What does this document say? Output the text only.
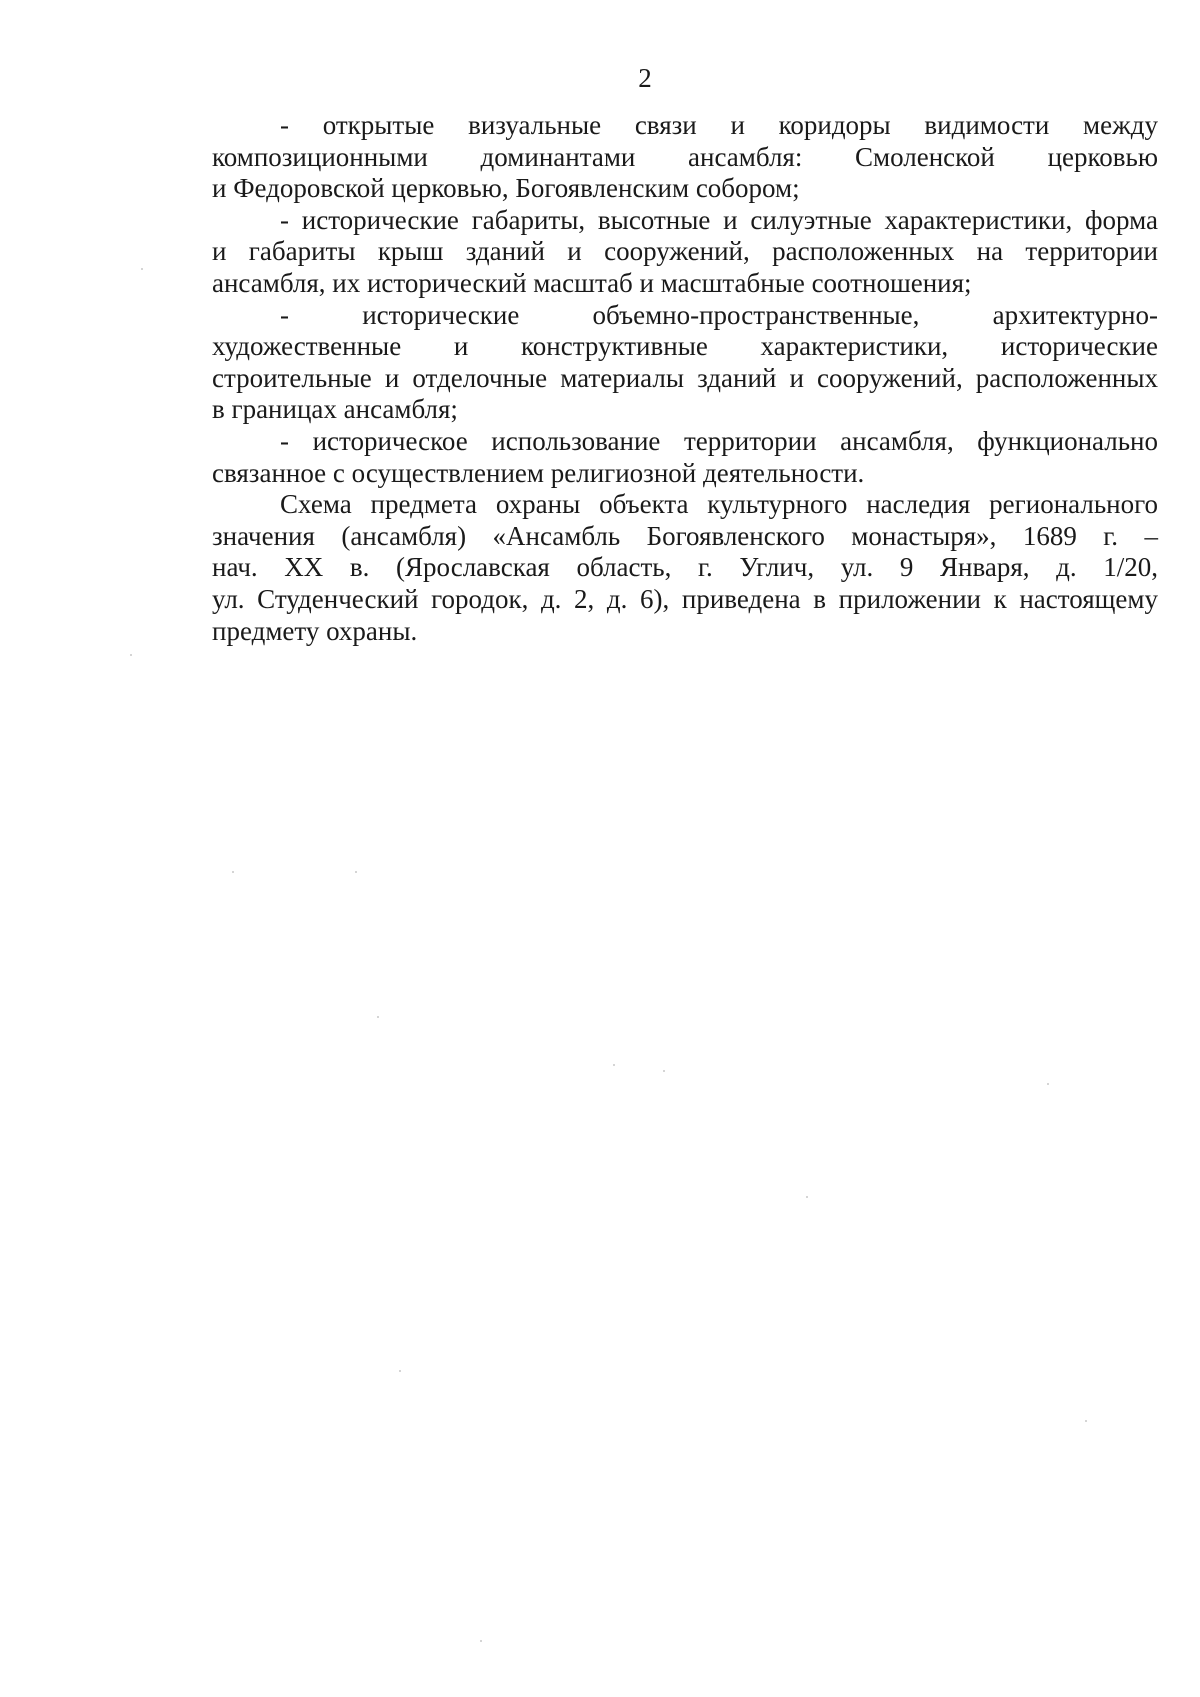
2

- открытые визуальные связи и коридоры видимости между
композиционными доминантами ансамбля: Смоленской церковью
и Федоровской церковью, Богоявленским собором;

- исторические габариты, высотные и силуэтные характеристики, форма
и габариты крыш зданий и сооружений, расположенных на территории
ансамбля, их исторический масштаб и масштабные соотношения;

- исторические объемно-пространственные, архитектурно-
художественные и конструктивные характеристики, исторические
строительные и отделочные материалы зданий и сооружений, расположенных
в границах ансамбля;

- историческое использование территории ансамбля, функционально
связанное с осуществлением религиозной деятельности.

Схема предмета охраны объекта культурного наследия регионального
значения (ансамбля) «Ансамбль Богоявленского монастыря», 1689 г. –
нач. XX в. (Ярославская область, г. Углич, ул. 9 Января, д. 1/20,
ул. Студенческий городок, д. 2, д. 6), приведена в приложении к настоящему
предмету охраны.
